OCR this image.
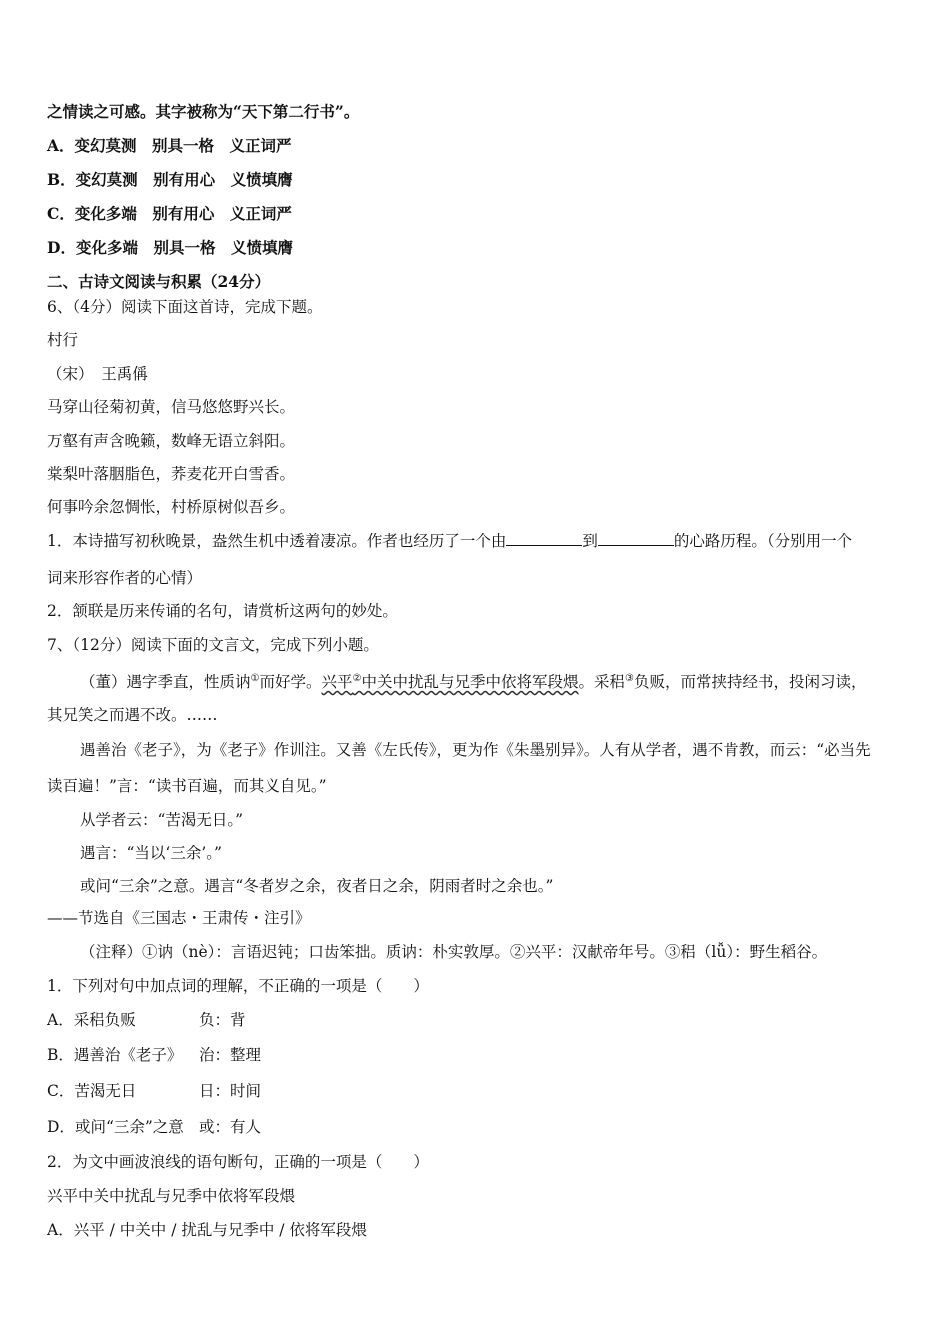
之情读之可感。其字被称为“天下第二行书”。
A．变幻莫测　别具一格　义正词严
B．变幻莫测　别有用心　义愤填膺
C．变化多端　别有用心　义正词严
D．变化多端　别具一格　义愤填膺
二、古诗文阅读与积累（24分）
6、（4分）阅读下面这首诗，完成下题。
村行
（宋）　王禹偁
马穿山径菊初黄，信马悠悠野兴长。
万壑有声含晚籁，数峰无语立斜阳。
棠梨叶落胭脂色，荞麦花开白雪香。
何事吟余忽惆怅，村桥原树似吾乡。
1．本诗描写初秋晚景，盎然生机中透着凄凉。作者也经历了一个由	到	的心路历程。（分别用一个
词来形容作者的心情）
2．颔联是历来传诵的名句，请赏析这两句的妙处。
7、（12分）阅读下面的文言文，完成下列小题。
（董）遇字季直，性质讷①而好学。兴平②中关中扰乱与兄季中依将军段煨。采稆③负贩，而常挟持经书，投闲习读，
其兄笑之而遇不改。……
遇善治《老子》，为《老子》作训注。又善《左氏传》，更为作《朱墨别异》。人有从学者，遇不肯教，而云：“必当先
读百遍！”言：“读书百遍，而其义自见。”
从学者云：“苦渴无日。”
遇言：“当以‘三余’。”
或问“三余”之意。遇言“冬者岁之余，夜者日之余，阴雨者时之余也。”
——节选自《三国志・王肃传・注引》
（注释）①讷（nè）：言语迟钝；口齿笨拙。质讷：朴实敦厚。②兴平：汉献帝年号。③稆（lǚ）：野生稻谷。
1．下列对句中加点词的理解，不正确的一项是（　　）
A．采稆负贩	负：背
B．遇善治《老子》 治：整理
C．苦渴无日	日：时间
D．或问“三余”之意 或：有人
2．为文中画波浪线的语句断句，正确的一项是（　　）
兴平中关中扰乱与兄季中依将军段煨
A．兴平 / 中关中 / 扰乱与兄季中 / 依将军段煨
